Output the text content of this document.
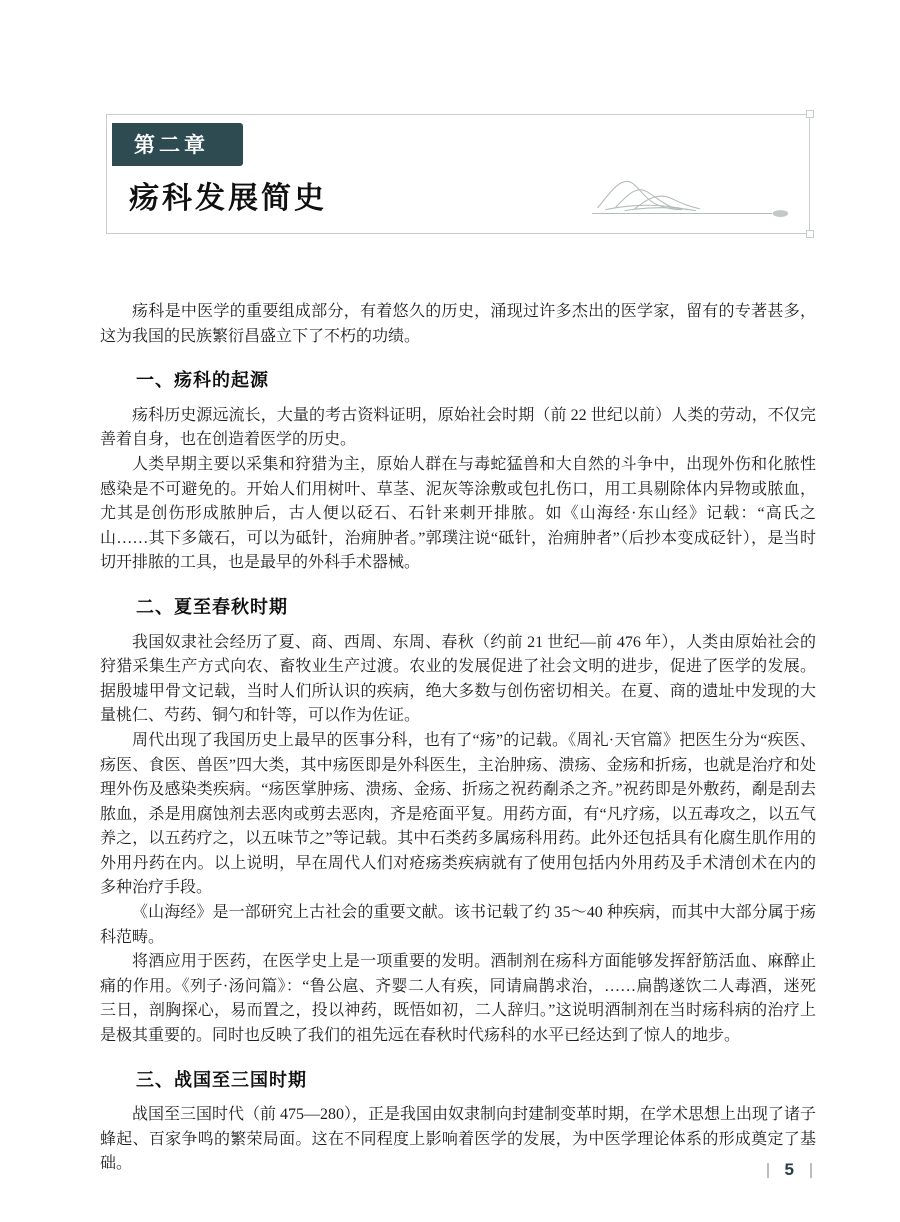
第二章
疡科发展简史

疡科是中医学的重要组成部分，有着悠久的历史，涌现过许多杰出的医学家，留有的专著甚多，这为我国的民族繁衍昌盛立下了不朽的功绩。

一、疡科的起源

疡科历史源远流长，大量的考古资料证明，原始社会时期（前 22 世纪以前）人类的劳动，不仅完善着自身，也在创造着医学的历史。

人类早期主要以采集和狩猎为主，原始人群在与毒蛇猛兽和大自然的斗争中，出现外伤和化脓性感染是不可避免的。开始人们用树叶、草茎、泥灰等涂敷或包扎伤口，用工具剔除体内异物或脓血，尤其是创伤形成脓肿后，古人便以砭石、石针来刺开排脓。如《山海经·东山经》记载：“高氏之山……其下多箴石，可以为砥针，治痈肿者。”郭璞注说“砥针，治痈肿者”（后抄本变成砭针），是当时切开排脓的工具，也是最早的外科手术器械。

二、夏至春秋时期

我国奴隶社会经历了夏、商、西周、东周、春秋（约前 21 世纪—前 476 年），人类由原始社会的狩猎采集生产方式向农、畜牧业生产过渡。农业的发展促进了社会文明的进步，促进了医学的发展。据殷墟甲骨文记载，当时人们所认识的疾病，绝大多数与创伤密切相关。在夏、商的遗址中发现的大量桃仁、芍药、铜勺和针等，可以作为佐证。

周代出现了我国历史上最早的医事分科，也有了“疡”的记载。《周礼·天官篇》把医生分为“疾医、疡医、食医、兽医”四大类，其中疡医即是外科医生，主治肿疡、溃疡、金疡和折疡，也就是治疗和处理外伤及感染类疾病。“疡医掌肿疡、溃疡、金疡、折疡之祝药劀杀之齐。”祝药即是外敷药，劀是刮去脓血，杀是用腐蚀剂去恶肉或剪去恶肉，齐是疮面平复。用药方面，有“凡疗疡，以五毒攻之，以五气养之，以五药疗之，以五味节之”等记载。其中石类药多属疡科用药。此外还包括具有化腐生肌作用的外用丹药在内。以上说明，早在周代人们对疮疡类疾病就有了使用包括内外用药及手术清创术在内的多种治疗手段。

《山海经》是一部研究上古社会的重要文献。该书记载了约 35～40 种疾病，而其中大部分属于疡科范畴。

将酒应用于医药，在医学史上是一项重要的发明。酒制剂在疡科方面能够发挥舒筋活血、麻醉止痛的作用。《列子·汤问篇》：“鲁公扈、齐婴二人有疾，同请扁鹊求治，……扁鹊遂饮二人毒酒，迷死三日，剖胸探心，易而置之，投以神药，既悟如初，二人辞归。”这说明酒制剂在当时疡科病的治疗上是极其重要的。同时也反映了我们的祖先远在春秋时代疡科的水平已经达到了惊人的地步。

三、战国至三国时期

战国至三国时代（前 475—280），正是我国由奴隶制向封建制变革时期，在学术思想上出现了诸子蜂起、百家争鸣的繁荣局面。这在不同程度上影响着医学的发展，为中医学理论体系的形成奠定了基础。	5
